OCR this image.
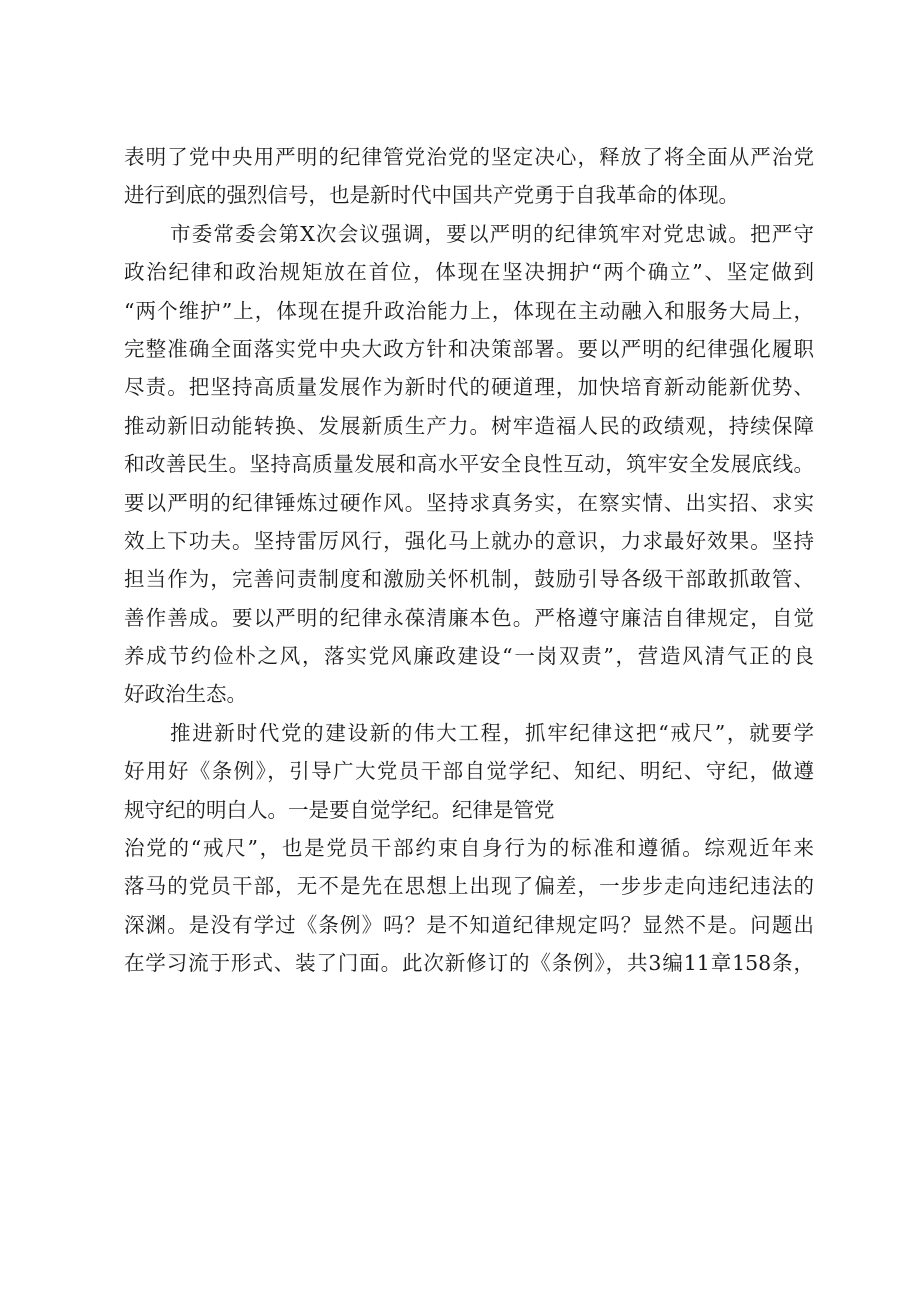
表明了党中央用严明的纪律管党治党的坚定决心，释放了将全面从严治党
进行到底的强烈信号，也是新时代中国共产党勇于自我革命的体现。
市委常委会第X次会议强调，要以严明的纪律筑牢对党忠诚。把严守
政治纪律和政治规矩放在首位，体现在坚决拥护“两个确立”、坚定做到
“两个维护”上，体现在提升政治能力上，体现在主动融入和服务大局上，
完整准确全面落实党中央大政方针和决策部署。要以严明的纪律强化履职
尽责。把坚持高质量发展作为新时代的硬道理，加快培育新动能新优势、
推动新旧动能转换、发展新质生产力。树牢造福人民的政绩观，持续保障
和改善民生。坚持高质量发展和高水平安全良性互动，筑牢安全发展底线。
要以严明的纪律锤炼过硬作风。坚持求真务实，在察实情、出实招、求实
效上下功夫。坚持雷厉风行，强化马上就办的意识，力求最好效果。坚持
担当作为，完善问责制度和激励关怀机制，鼓励引导各级干部敢抓敢管、
善作善成。要以严明的纪律永葆清廉本色。严格遵守廉洁自律规定，自觉
养成节约俭朴之风，落实党风廉政建设“一岗双责”，营造风清气正的良
好政治生态。
推进新时代党的建设新的伟大工程，抓牢纪律这把“戒尺”，就要学
好用好《条例》，引导广大党员干部自觉学纪、知纪、明纪、守纪，做遵
规守纪的明白人。一是要自觉学纪。纪律是管党
治党的“戒尺”，也是党员干部约束自身行为的标准和遵循。综观近年来
落马的党员干部，无不是先在思想上出现了偏差，一步步走向违纪违法的
深渊。是没有学过《条例》吗？是不知道纪律规定吗？显然不是。问题出
在学习流于形式、装了门面。此次新修订的《条例》，共3编11章158条，
